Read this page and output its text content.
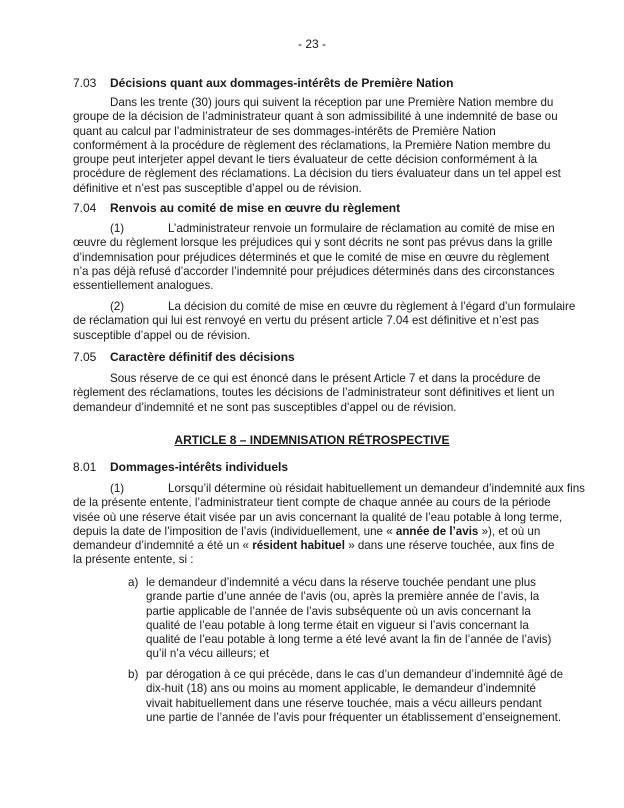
- 23 -
7.03 Décisions quant aux dommages-intérêts de Première Nation
Dans les trente (30) jours qui suivent la réception par une Première Nation membre du
groupe de la décision de l’administrateur quant à son admissibilité à une indemnité de base ou
quant au calcul par l’administrateur de ses dommages-intérêts de Première Nation
conformément à la procédure de règlement des réclamations, la Première Nation membre du
groupe peut interjeter appel devant le tiers évaluateur de cette décision conformément à la
procédure de règlement des réclamations. La décision du tiers évaluateur dans un tel appel est
définitive et n’est pas susceptible d’appel ou de révision.
7.04 Renvois au comité de mise en œuvre du règlement
(1)	L’administrateur renvoie un formulaire de réclamation au comité de mise en
œuvre du règlement lorsque les préjudices qui y sont décrits ne sont pas prévus dans la grille
d’indemnisation pour préjudices déterminés et que le comité de mise en œuvre du règlement
n’a pas déjà refusé d’accorder l’indemnité pour préjudices déterminés dans des circonstances
essentiellement analogues.
(2)	La décision du comité de mise en œuvre du règlement à l’égard d’un formulaire
de réclamation qui lui est renvoyé en vertu du présent article 7.04 est définitive et n’est pas
susceptible d’appel ou de révision.
7.05 Caractère définitif des décisions
Sous réserve de ce qui est énoncé dans le présent Article 7 et dans la procédure de
règlement des réclamations, toutes les décisions de l’administrateur sont définitives et lient un
demandeur d’indemnité et ne sont pas susceptibles d’appel ou de révision.
ARTICLE 8 – INDEMNISATION RÉTROSPECTIVE
8.01 Dommages-intérêts individuels
(1)	Lorsqu’il détermine où résidait habituellement un demandeur d’indemnité aux fins
de la présente entente, l’administrateur tient compte de chaque année au cours de la période
visée où une réserve était visée par un avis concernant la qualité de l’eau potable à long terme,
depuis la date de l’imposition de l’avis (individuellement, une « année de l’avis »), et où un
demandeur d’indemnité a été un « résident habituel » dans une réserve touchée, aux fins de
la présente entente, si :
a) le demandeur d’indemnité a vécu dans la réserve touchée pendant une plus
grande partie d’une année de l’avis (ou, après la première année de l’avis, la
partie applicable de l’année de l’avis subséquente où un avis concernant la
qualité de l’eau potable à long terme était en vigueur si l’avis concernant la
qualité de l’eau potable à long terme a été levé avant la fin de l’année de l’avis)
qu’il n’a vécu ailleurs; et
b) par dérogation à ce qui précède, dans le cas d’un demandeur d’indemnité âgé de
dix-huit (18) ans ou moins au moment applicable, le demandeur d’indemnité
vivait habituellement dans une réserve touchée, mais a vécu ailleurs pendant
une partie de l’année de l’avis pour fréquenter un établissement d’enseignement.
